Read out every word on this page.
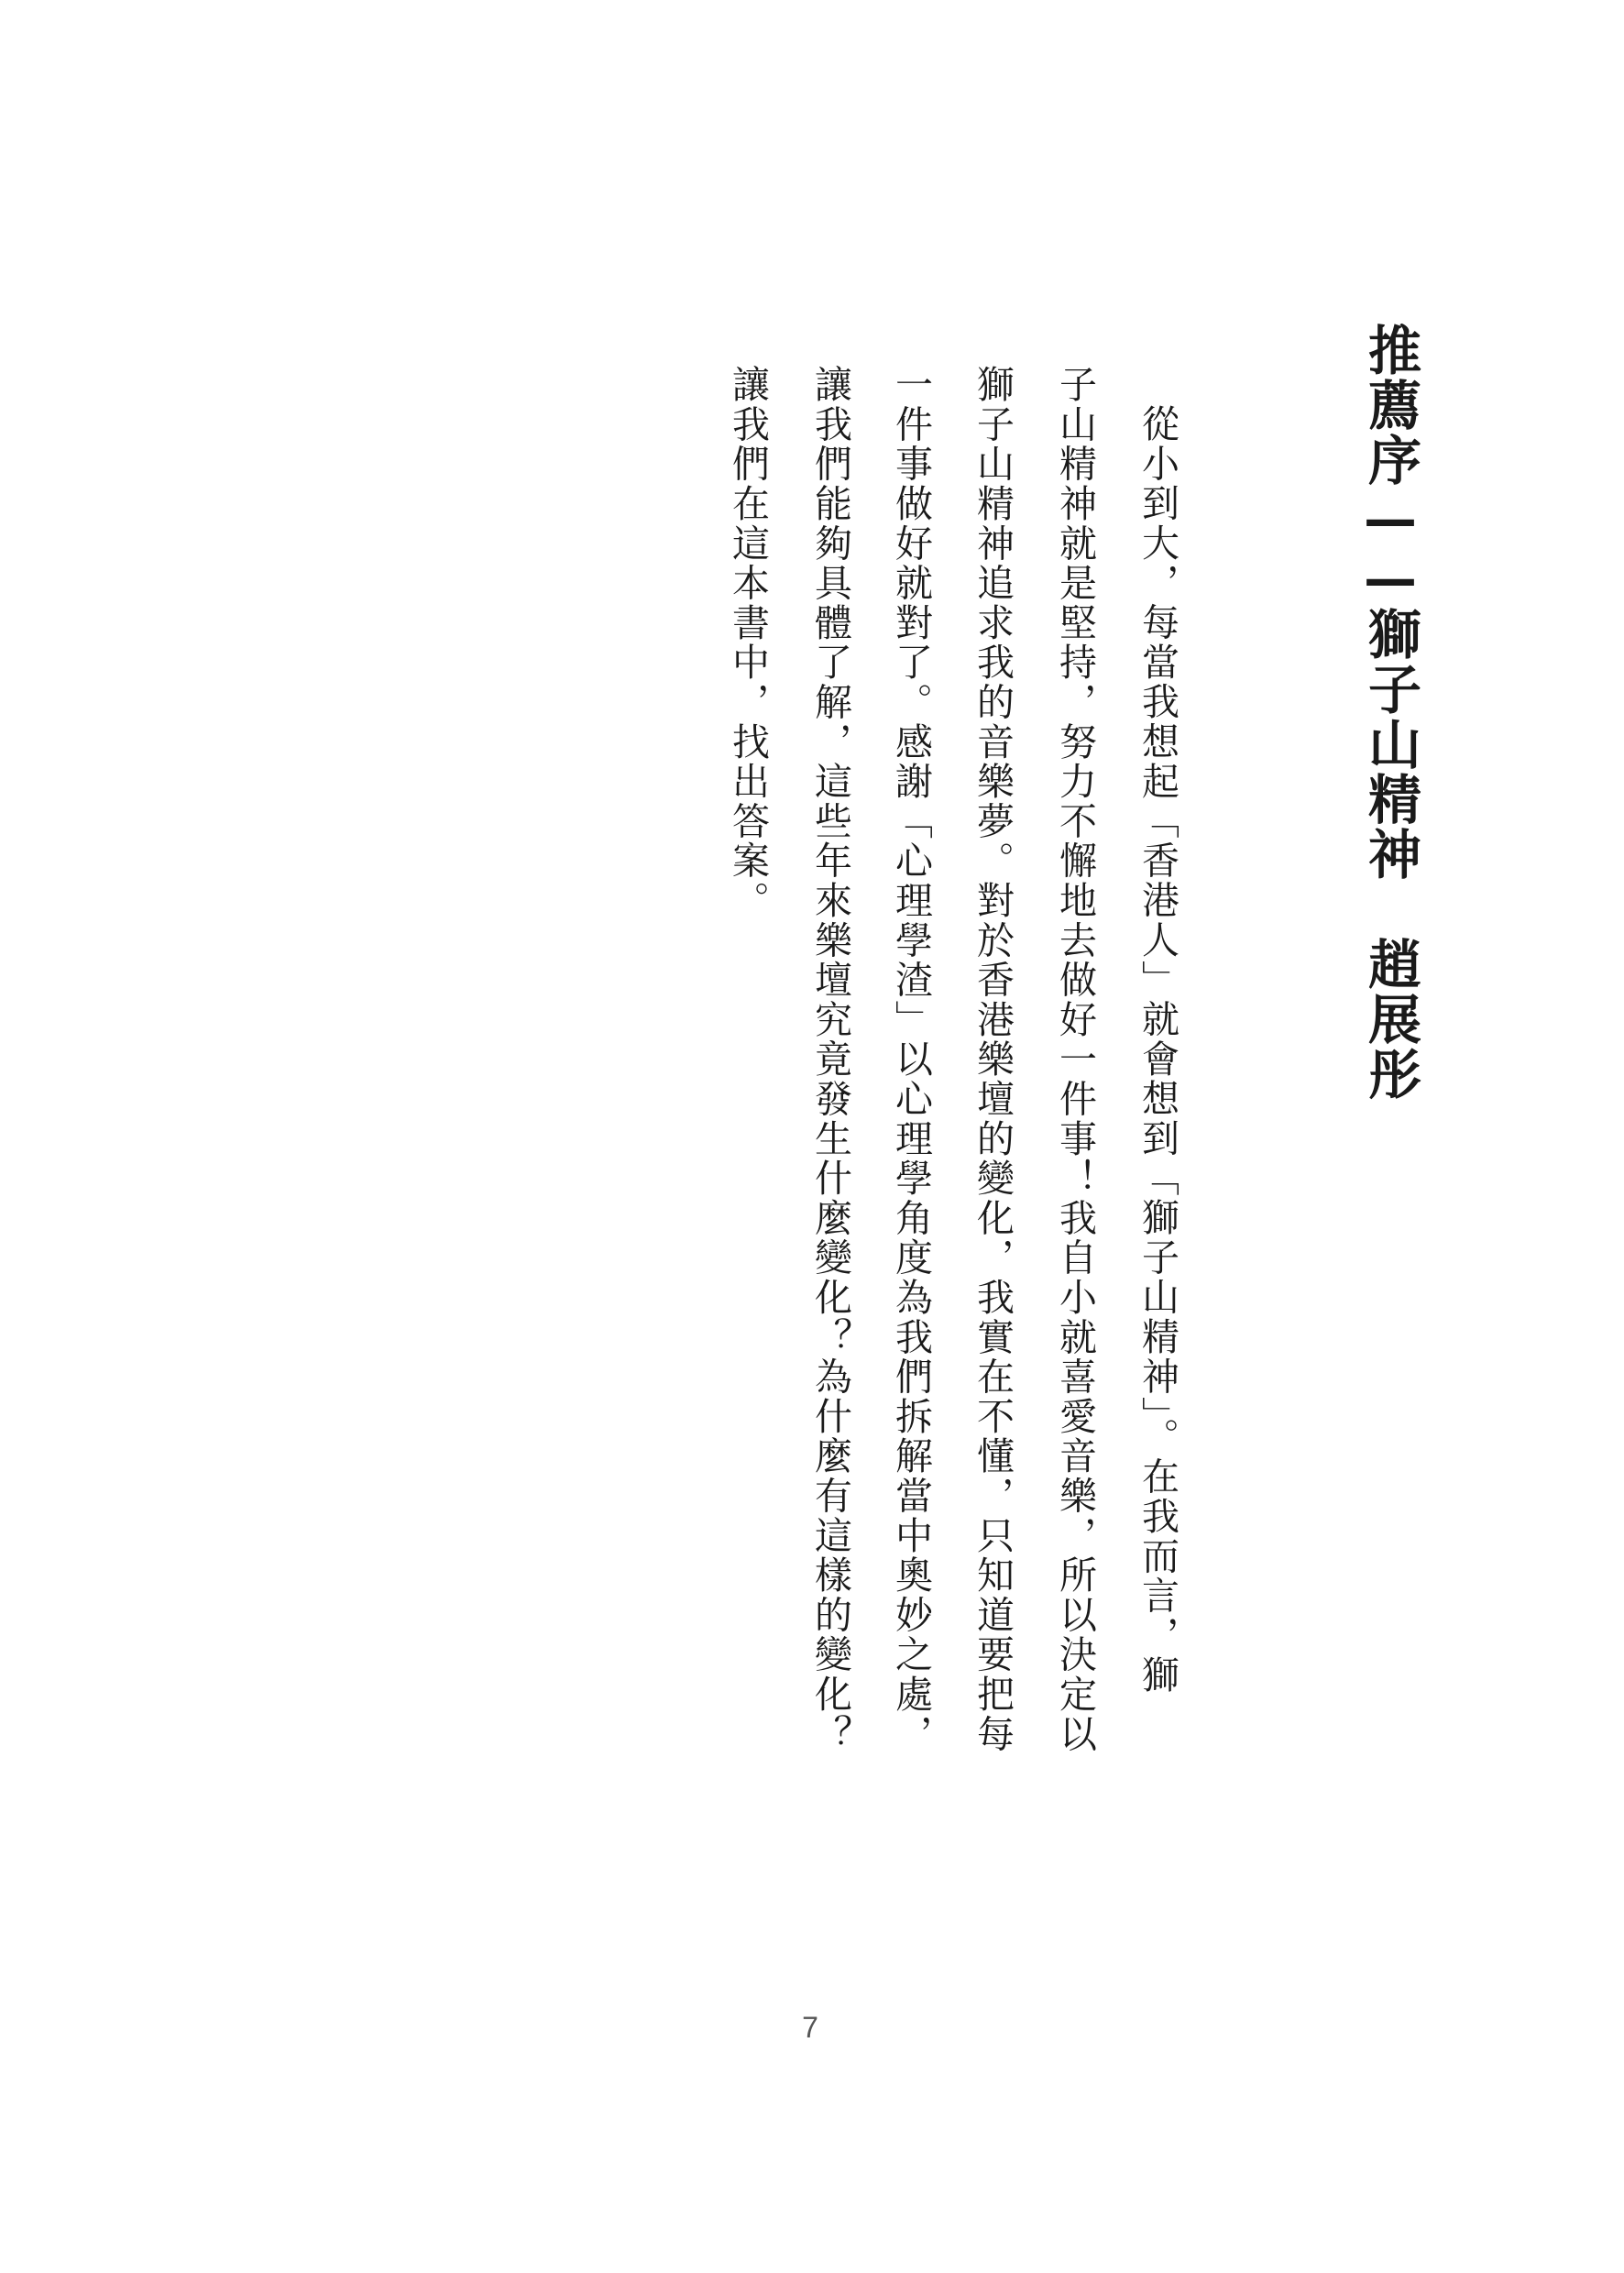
推薦序——獅子山精神　趙展彤

從小到大，每當我想起「香港人」就會想到「獅子山精神」。在我而言，獅

子山精神就是堅持，努力不懈地去做好一件事！我自小就喜愛音樂，所以決定以

獅子山精神追求我的音樂夢。對於香港樂壇的變化，我實在不懂，只知道要把每

一件事做好就對了。感謝「心理學渣」以心理學角度為我們拆解當中奧妙之處，

讓我們能夠具體了解，這些年來樂壇究竟發生什麼變化？為什麼有這樣的變化？

讓我們在這本書中，找出答案。

7
